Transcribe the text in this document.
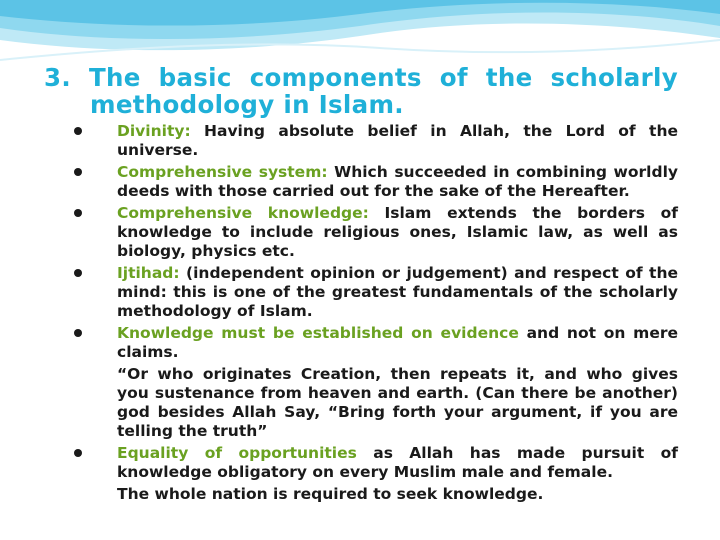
3. The basic components of the scholarly
methodology in Islam.
Divinity: Having absolute belief in Allah, the Lord of the universe.
Comprehensive system: Which succeeded in combining worldly deeds with those carried out for the sake of the Hereafter.
Comprehensive knowledge: Islam extends the borders of knowledge to include religious ones, Islamic law, as well as biology, physics etc.
Ijtihad: (independent opinion or judgement) and respect of the mind: this is one of the greatest fundamentals of the scholarly methodology of Islam.
Knowledge must be established on evidence and not on mere claims.
“Or who originates Creation, then repeats it, and who gives you sustenance from heaven and earth. (Can there be another) god besides Allah Say, “Bring forth your argument, if you are telling the truth”
Equality of opportunities as Allah has made pursuit of knowledge obligatory on every Muslim male and female.
The whole nation is required to seek knowledge.
